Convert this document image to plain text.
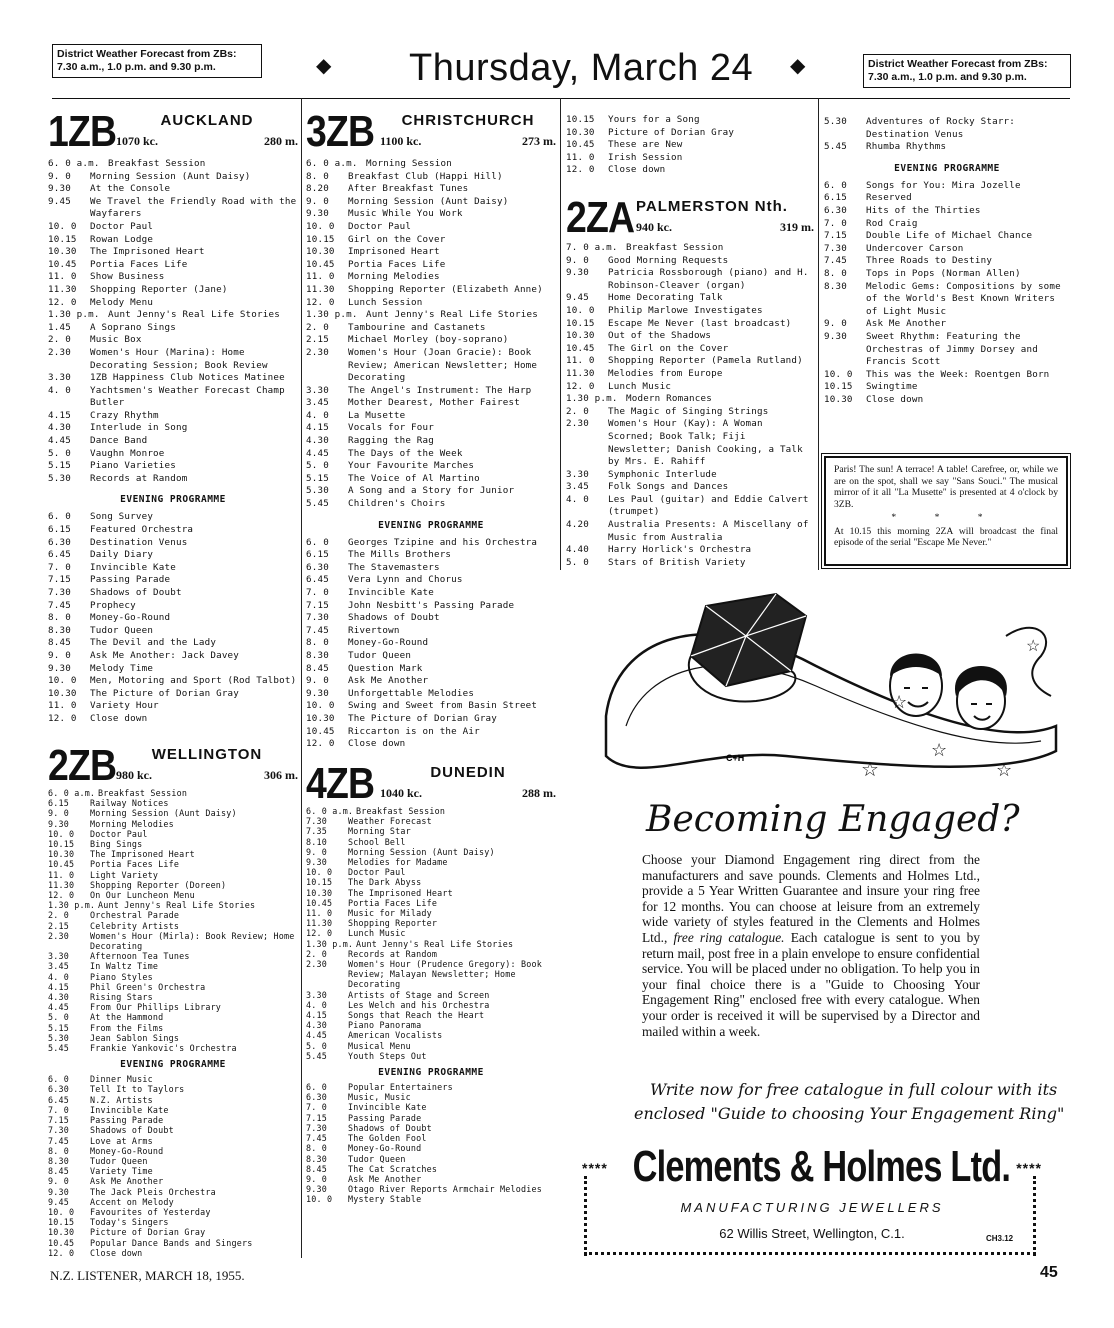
District Weather Forecast from ZBs:
7.30 a.m., 1.0 p.m. and 9.30 p.m.	◆ Thursday, March 24 ◆	District Weather Forecast from ZBs:
7.30 a.m., 1.0 p.m. and 9.30 p.m.
1ZB	AUCKLAND
1070 kc.	280 m.
6. 0 a.m. Breakfast Session
9. 0	Morning Session (Aunt Daisy)
9.30	At the Console
9.45	We Travel the Friendly Road with the Wayfarers
10. 0	Doctor Paul
10.15	Rowan Lodge
10.30	The Imprisoned Heart
10.45	Portia Faces Life
11. 0	Show Business
11.30	Shopping Reporter (Jane)
12. 0	Melody Menu
1.30 p.m. Aunt Jenny's Real Life Stories
1.45	A Soprano Sings
2. 0	Music Box
2.30	Women's Hour (Marina): Home Decorating Session; Book Review
3.30	1ZB Happiness Club Notices Matinee
4. 0	Yachtsmen's Weather Forecast Champ Butler
4.15	Crazy Rhythm
4.30	Interlude in Song
4.45	Dance Band
5. 0	Vaughn Monroe
5.15	Piano Varieties
5.30	Records at Random
EVENING PROGRAMME
6. 0	Song Survey
6.15	Featured Orchestra
6.30	Destination Venus
6.45	Daily Diary
7. 0	Invincible Kate
7.15	Passing Parade
7.30	Shadows of Doubt
7.45	Prophecy
8. 0	Money-Go-Round
8.30	Tudor Queen
8.45	The Devil and the Lady
9. 0	Ask Me Another: Jack Davey
9.30	Melody Time
10. 0	Men, Motoring and Sport (Rod Talbot)
10.30	The Picture of Dorian Gray
11. 0	Variety Hour
12. 0	Close down
2ZB	WELLINGTON
980 kc.	306 m.
6. 0 a.m. Breakfast Session
6.15	Railway Notices
9. 0	Morning Session (Aunt Daisy)
9.30	Morning Melodies
10. 0	Doctor Paul
10.15	Bing Sings
10.30	The Imprisoned Heart
10.45	Portia Faces Life
11. 0	Light Variety
11.30	Shopping Reporter (Doreen)
12. 0	On Our Luncheon Menu
1.30 p.m. Aunt Jenny's Real Life Stories
2. 0	Orchestral Parade
2.15	Celebrity Artists
2.30	Women's Hour (Mirla): Book Review; Home Decorating
3.30	Afternoon Tea Tunes
3.45	In Waltz Time
4. 0	Piano Styles
4.15	Phil Green's Orchestra
4.30	Rising Stars
4.45	From Our Phillips Library
5. 0	At the Hammond
5.15	From the Films
5.30	Jean Sablon Sings
5.45	Frankie Yankovic's Orchestra
EVENING PROGRAMME
6. 0	Dinner Music
6.30	Tell It to Taylors
6.45	N.Z. Artists
7. 0	Invincible Kate
7.15	Passing Parade
7.30	Shadows of Doubt
7.45	Love at Arms
8. 0	Money-Go-Round
8.30	Tudor Queen
8.45	Variety Time
9. 0	Ask Me Another
9.30	The Jack Pleis Orchestra
9.45	Accent on Melody
10. 0	Favourites of Yesterday
10.15	Today's Singers
10.30	Picture of Dorian Gray
10.45	Popular Dance Bands and Singers
12. 0	Close down
3ZB	CHRISTCHURCH
1100 kc.	273 m.
6. 0 a.m. Morning Session
8. 0	Breakfast Club (Happi Hill)
8.20	After Breakfast Tunes
9. 0	Morning Session (Aunt Daisy)
9.30	Music While You Work
10. 0	Doctor Paul
10.15	Girl on the Cover
10.30	Imprisoned Heart
10.45	Portia Faces Life
11. 0	Morning Melodies
11.30	Shopping Reporter (Elizabeth Anne)
12. 0	Lunch Session
1.30 p.m. Aunt Jenny's Real Life Stories
2. 0	Tambourine and Castanets
2.15	Michael Morley (boy-soprano)
2.30	Women's Hour (Joan Gracie): Book Review; American Newsletter; Home Decorating
3.30	The Angel's Instrument: The Harp
3.45	Mother Dearest, Mother Fairest
4. 0	La Musette
4.15	Vocals for Four
4.30	Ragging the Rag
4.45	The Days of the Week
5. 0	Your Favourite Marches
5.15	The Voice of Al Martino
5.30	A Song and a Story for Junior
5.45	Children's Choirs
EVENING PROGRAMME
6. 0	Georges Tzipine and his Orchestra
6.15	The Mills Brothers
6.30	The Stavemasters
6.45	Vera Lynn and Chorus
7. 0	Invincible Kate
7.15	John Nesbitt's Passing Parade
7.30	Shadows of Doubt
7.45	Rivertown
8. 0	Money-Go-Round
8.30	Tudor Queen
8.45	Question Mark
9. 0	Ask Me Another
9.30	Unforgettable Melodies
10. 0	Swing and Sweet from Basin Street
10.30	The Picture of Dorian Gray
10.45	Riccarton is on the Air
12. 0	Close down
4ZB	DUNEDIN
1040 kc.	288 m.
6. 0 a.m. Breakfast Session
7.30	Weather Forecast
7.35	Morning Star
8.10	School Bell
9. 0	Morning Session (Aunt Daisy)
9.30	Melodies for Madame
10. 0	Doctor Paul
10.15	The Dark Abyss
10.30	The Imprisoned Heart
10.45	Portia Faces Life
11. 0	Music for Milady
11.30	Shopping Reporter
12. 0	Lunch Music
1.30 p.m. Aunt Jenny's Real Life Stories
2. 0	Records at Random
2.30	Women's Hour (Prudence Gregory): Book Review; Malayan Newsletter; Home Decorating
3.30	Artists of Stage and Screen
4. 0	Les Welch and his Orchestra
4.15	Songs that Reach the Heart
4.30	Piano Panorama
4.45	American Vocalists
5. 0	Musical Menu
5.45	Youth Steps Out
EVENING PROGRAMME
6. 0	Popular Entertainers
6.30	Music, Music
7. 0	Invincible Kate
7.15	Passing Parade
7.30	Shadows of Doubt
7.45	The Golden Fool
8. 0	Money-Go-Round
8.30	Tudor Queen
8.45	The Cat Scratches
9. 0	Ask Me Another
9.30	Otago River Reports Armchair Melodies
10. 0	Mystery Stable
10.15	Yours for a Song
10.30	Picture of Dorian Gray
10.45	These are New
11. 0	Irish Session
12. 0	Close down
2ZA PALMERSTON Nth.
940 kc.	319 m.
7. 0 a.m. Breakfast Session
9. 0	Good Morning Requests
9.30	Patricia Rossborough (piano) and H. Robinson-Cleaver (organ)
9.45	Home Decorating Talk
10. 0	Philip Marlowe Investigates
10.15	Escape Me Never (last broadcast)
10.30	Out of the Shadows
10.45	The Girl on the Cover
11. 0	Shopping Reporter (Pamela Rutland)
11.30	Melodies from Europe
12. 0	Lunch Music
1.30 p.m. Modern Romances
2. 0	The Magic of Singing Strings
2.30	Women's Hour (Kay): A Woman Scorned; Book Talk; Fiji Newsletter; Danish Cooking, a Talk by Mrs. E. Rahiff
3.30	Symphonic Interlude
3.45	Folk Songs and Dances
4. 0	Les Paul (guitar) and Eddie Calvert (trumpet)
4.20	Australia Presents: A Miscellany of Music from Australia
4.40	Harry Horlick's Orchestra
5. 0	Stars of British Variety
5.30	Adventures of Rocky Starr: Destination Venus
5.45	Rhumba Rhythms
EVENING PROGRAMME
6. 0	Songs for You: Mira Jozelle
6.15	Reserved
6.30	Hits of the Thirties
7. 0	Rod Craig
7.15	Double Life of Michael Chance
7.30	Undercover Carson
7.45	Three Roads to Destiny
8. 0	Tops in Pops (Norman Allen)
8.30	Melodic Gems: Compositions by some of the World's Best Known Writers of Light Music
9. 0	Ask Me Another
9.30	Sweet Rhythm: Featuring the Orchestras of Jimmy Dorsey and Francis Scott
10. 0	This was the Week: Roentgen Born
10.15	Swingtime
10.30	Close down

Paris! The sun! A terrace! A table! Carefree, or, while we are on the spot, shall we say "Sans Souci." The musical mirror of it all "La Musette" is presented at 4 o'clock by 3ZB.

* * *

At 10.15 this morning 2ZA will broadcast the final episode of the serial "Escape Me Never."

C+H
☆
☆
☆
☆
☆
Becoming Engaged?
Choose your Diamond Engagement ring direct from the manufacturers and save pounds. Clements and Holmes Ltd., provide a 5 Year Written Guarantee and insure your ring free for 12 months. You can choose at leisure from an extremely wide variety of styles featured in the Clements and Holmes Ltd., free ring catalogue. Each catalogue is sent to you by return mail, post free in a plain envelope to ensure confidential service. You will be placed under no obligation. To help you in your final choice there is a "Guide to Choosing Your Engagement Ring" enclosed free with every catalogue. When your order is received it will be supervised by a Director and mailed within a week.
Write now for free catalogue in full colour with its
enclosed "Guide to choosing Your Engagement Ring"
****	****
Clements & Holmes Ltd.
MANUFACTURING JEWELLERS
62 Willis Street, Wellington, C.1.	CH3.12
N.Z. LISTENER, MARCH 18, 1955.	45
